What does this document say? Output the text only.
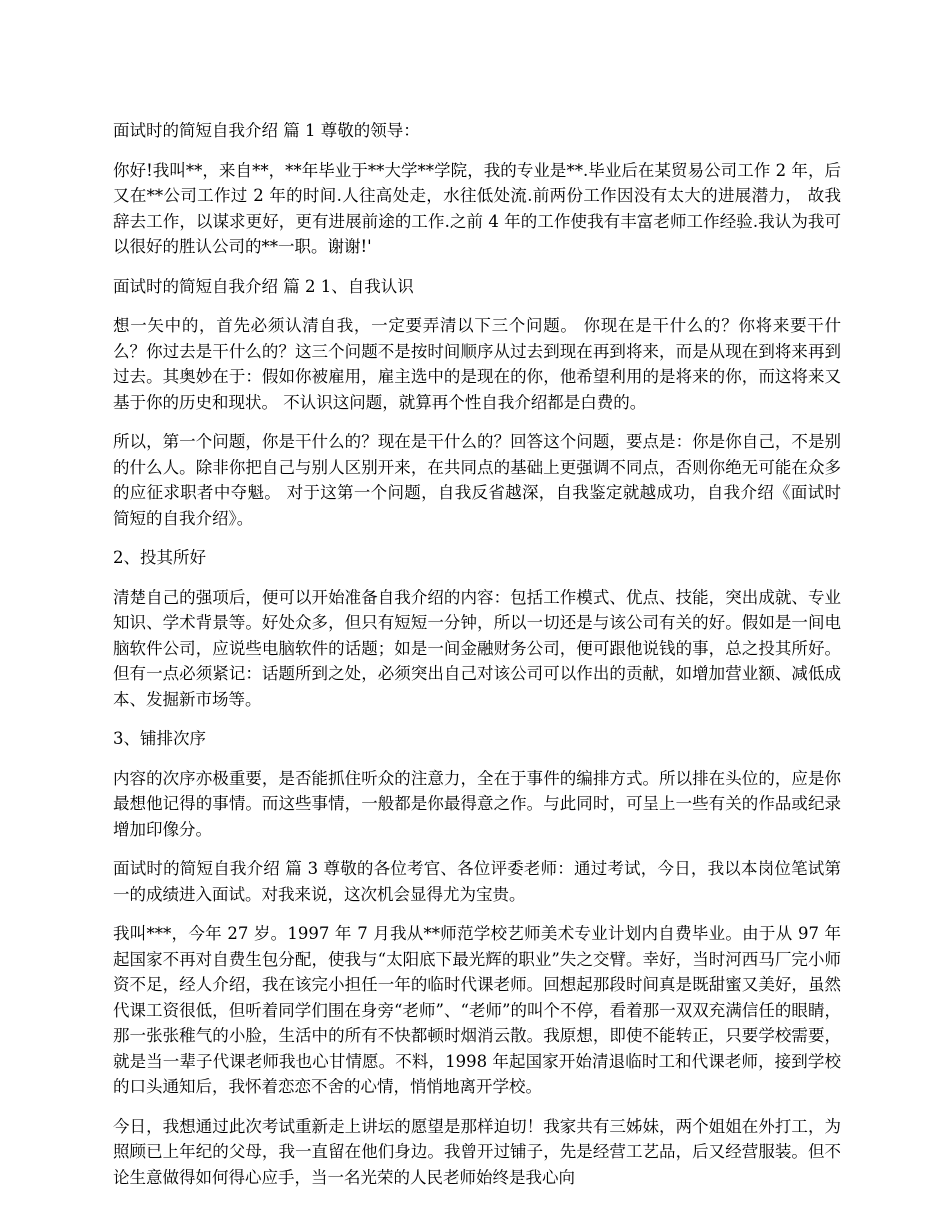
面试时的简短自我介绍 篇 1 尊敬的领导：

你好!我叫**，来自**，**年毕业于**大学**学院，我的专业是**.毕业后在某贸易公司工作 2 年，后又在**公司工作过 2 年的时间.人往高处走，水往低处流.前两份工作因没有太大的进展潜力， 故我辞去工作，以谋求更好，更有进展前途的工作.之前 4 年的工作使我有丰富老师工作经验.我认为我可以很好的胜认公司的**一职。谢谢!'

面试时的简短自我介绍 篇 2 1、自我认识

想一矢中的，首先必须认清自我，一定要弄清以下三个问题。 你现在是干什么的？你将来要干什么？你过去是干什么的？这三个问题不是按时间顺序从过去到现在再到将来，而是从现在到将来再到过去。其奥妙在于：假如你被雇用，雇主选中的是现在的你，他希望利用的是将来的你，而这将来又基于你的历史和现状。 不认识这问题，就算再个性自我介绍都是白费的。

所以，第一个问题，你是干什么的？现在是干什么的？回答这个问题，要点是：你是你自己，不是别的什么人。除非你把自己与别人区别开来，在共同点的基础上更强调不同点，否则你绝无可能在众多的应征求职者中夺魁。 对于这第一个问题，自我反省越深，自我鉴定就越成功，自我介绍《面试时简短的自我介绍》。

2、投其所好

清楚自己的强项后，便可以开始准备自我介绍的内容：包括工作模式、优点、技能，突出成就、专业知识、学术背景等。好处众多，但只有短短一分钟，所以一切还是与该公司有关的好。假如是一间电脑软件公司，应说些电脑软件的话题；如是一间金融财务公司，便可跟他说钱的事，总之投其所好。但有一点必须紧记：话题所到之处，必须突出自己对该公司可以作出的贡献，如增加营业额、减低成本、发掘新市场等。

3、铺排次序

内容的次序亦极重要，是否能抓住听众的注意力，全在于事件的编排方式。所以排在头位的，应是你最想他记得的事情。而这些事情，一般都是你最得意之作。与此同时，可呈上一些有关的作品或纪录增加印像分。

面试时的简短自我介绍 篇 3 尊敬的各位考官、各位评委老师：通过考试，今日，我以本岗位笔试第一的成绩进入面试。对我来说，这次机会显得尤为宝贵。

我叫***，今年 27 岁。1997 年 7 月我从**师范学校艺师美术专业计划内自费毕业。由于从 97 年起国家不再对自费生包分配，使我与“太阳底下最光辉的职业”失之交臂。幸好，当时河西马厂完小师资不足，经人介绍，我在该完小担任一年的临时代课老师。回想起那段时间真是既甜蜜又美好，虽然代课工资很低，但听着同学们围在身旁“老师”、“老师”的叫个不停，看着那一双双充满信任的眼睛，那一张张稚气的小脸，生活中的所有不快都顿时烟消云散。我原想，即使不能转正，只要学校需要，就是当一辈子代课老师我也心甘情愿。不料，1998 年起国家开始清退临时工和代课老师，接到学校的口头通知后，我怀着恋恋不舍的心情，悄悄地离开学校。

今日，我想通过此次考试重新走上讲坛的愿望是那样迫切！我家共有三姊妹，两个姐姐在外打工，为照顾已上年纪的父母，我一直留在他们身边。我曾开过铺子，先是经营工艺品，后又经营服装。但不论生意做得如何得心应手，当一名光荣的人民老师始终是我心向
